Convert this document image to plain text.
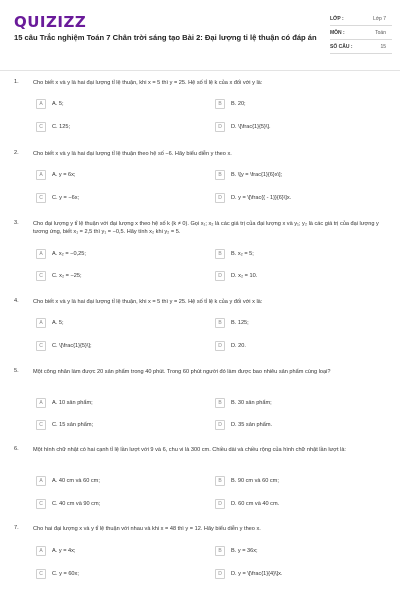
QUIZIZZ
15 câu Trắc nghiệm Toán 7 Chân trời sáng tạo Bài 2: Đại lượng tỉ lệ thuận có đáp án
LỚP :	Lớp 7
MÔN :	Toán
SỐ CÂU :	15
1.	Cho biết x và y là hai đại lượng tỉ lệ thuận, khi x = 5 thì y = 25. Hệ số tỉ lệ k của x đối với y là:
A	A. 5;	B	B. 20;
C	C. 125;	D	D. \[\frac{1}{5}\].
2.	Cho biết x và y là hai đại lượng tỉ lệ thuận theo hệ số −6. Hãy biểu diễn y theo x.
A	A. y = 6x;	B	B. \[y = \frac{1}{6}x\];
C	C. y = −6x;	D	D. y = \[\frac{{ - 1}}{6}\]x.
3.	Cho đại lượng y tỉ lệ thuận với đại lượng x theo hệ số k (k ≠ 0). Gọi x₁; x₂ là các giá trị của đại lượng x và y₁; y₂ là các giá trị của đại lượng y tương ứng, biết x₁ = 2,5 thì y₁ = −0,5. Hãy tính x₂ khi y₂ = 5.
A	A. x₂ = −0,25;	B	B. x₂ = 5;
C	C. x₂ = −25;	D	D. x₂ = 10.
4.	Cho biết x và y là hai đại lượng tỉ lệ thuận, khi x = 5 thì y = 25. Hệ số tỉ lệ k của y đối với x là:
A	A. 5;	B	B. 125;
C	C. \[\frac{1}{5}\];	D	D. 20.
5.	Một công nhân làm được 20 sản phẩm trong 40 phút. Trong 60 phút người đó làm được bao nhiêu sản phẩm cùng loại?
A	A. 10 sản phẩm;	B	B. 30 sản phẩm;
C	C. 15 sản phẩm;	D	D. 35 sản phẩm.
6.	Một hình chữ nhật có hai cạnh tỉ lệ lần lượt với 9 và 6, chu vi là 300 cm. Chiều dài và chiều rộng của hình chữ nhật lần lượt là:
A	A. 40 cm và 60 cm;	B	B. 90 cm và 60 cm;
C	C. 40 cm và 90 cm;	D	D. 60 cm và 40 cm.
7.	Cho hai đại lượng x và y tỉ lệ thuận với nhau và khi x = 48 thì y = 12. Hãy biểu diễn y theo x.
A	A. y = 4x;	B	B. y = 36x;
C	C. y = 60x;	D	D. y = \[\frac{1}{4}\]x.
